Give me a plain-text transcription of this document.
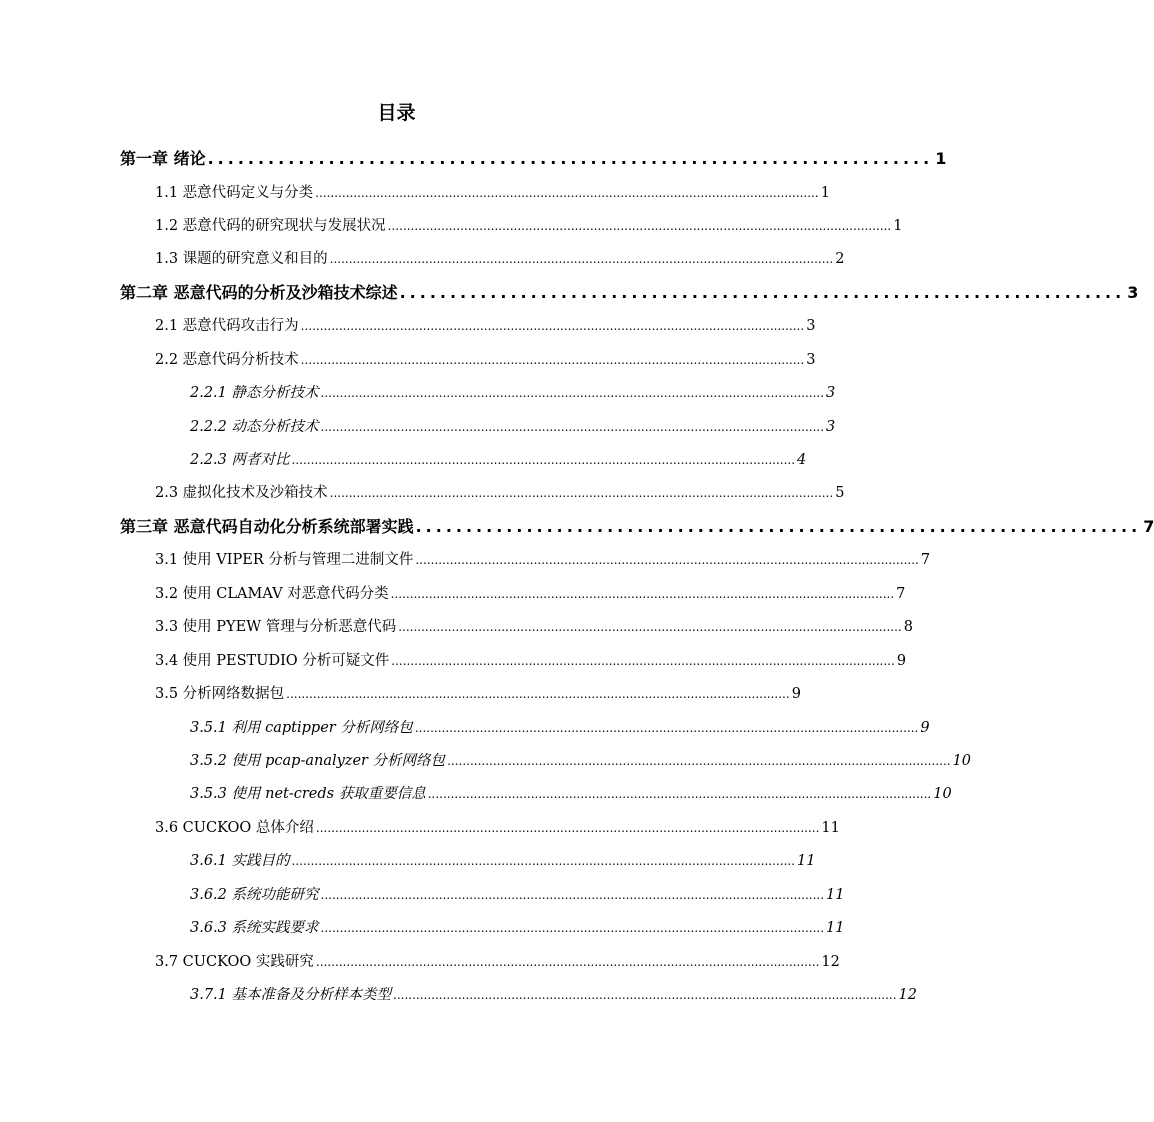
目录
第一章 绪论 ........................................................................ 1
1.1 恶意代码定义与分类 .................................................................................................................................... 1
1.2 恶意代码的研究现状与发展状况 .................................................................................................................................... 1
1.3 课题的研究意义和目的 .................................................................................................................................... 2
第二章 恶意代码的分析及沙箱技术综述 ........................................................................ 3
2.1 恶意代码攻击行为 .................................................................................................................................... 3
2.2 恶意代码分析技术 .................................................................................................................................... 3
2.2.1 静态分析技术 .................................................................................................................................... 3
2.2.2 动态分析技术 .................................................................................................................................... 3
2.2.3 两者对比 .................................................................................................................................... 4
2.3 虚拟化技术及沙箱技术 .................................................................................................................................... 5
第三章 恶意代码自动化分析系统部署实践 ........................................................................ 7
3.1 使用 VIPER 分析与管理二进制文件 .................................................................................................................................... 7
3.2 使用 CLAMAV 对恶意代码分类 .................................................................................................................................... 7
3.3 使用 PYEW 管理与分析恶意代码 .................................................................................................................................... 8
3.4 使用 PESTUDIO 分析可疑文件 .................................................................................................................................... 9
3.5 分析网络数据包 .................................................................................................................................... 9
3.5.1 利用 captipper 分析网络包 .................................................................................................................................... 9
3.5.2 使用 pcap-analyzer 分析网络包 .................................................................................................................................... 10
3.5.3 使用 net-creds 获取重要信息 .................................................................................................................................... 10
3.6 CUCKOO 总体介绍 .................................................................................................................................... 11
3.6.1 实践目的 .................................................................................................................................... 11
3.6.2 系统功能研究 .................................................................................................................................... 11
3.6.3 系统实践要求 .................................................................................................................................... 11
3.7 CUCKOO 实践研究 .................................................................................................................................... 12
3.7.1 基本准备及分析样本类型 .................................................................................................................................... 12
